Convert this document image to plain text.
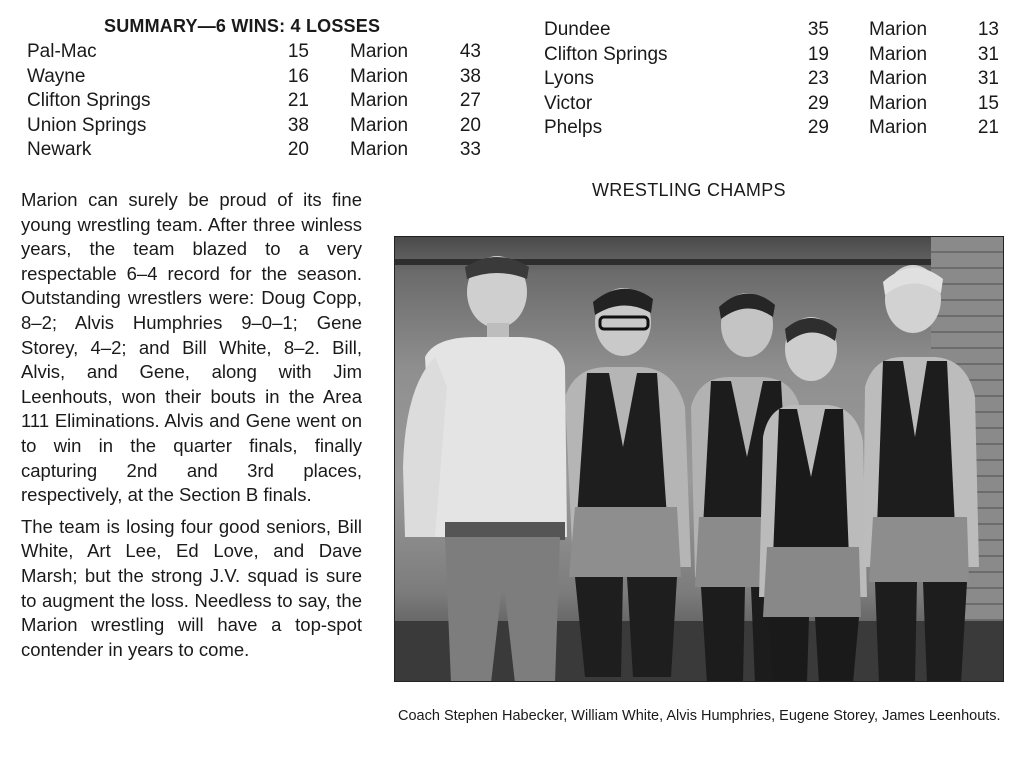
SUMMARY—6 WINS: 4 LOSSES
Pal-Mac	15 Marion	43
Wayne	16 Marion	38
Clifton Springs	21 Marion	27
Union Springs	38 Marion	20
Newark	20 Marion	33
Dundee	35 Marion	13
Clifton Springs	19 Marion	31
Lyons	23 Marion	31
Victor	29 Marion	15
Phelps	29 Marion	21

Marion can surely be proud of its fine young wrestling team. After three winless years, the team blazed to a very respectable 6–4 record for the season. Outstanding wrestlers were: Doug Copp, 8–2; Alvis Humphries 9–0–1; Gene Storey, 4–2; and Bill White, 8–2. Bill, Alvis, and Gene, along with Jim Leenhouts, won their bouts in the Area 111 Eliminations. Alvis and Gene went on to win in the quarter finals, finally capturing 2nd and 3rd places, respectively, at the Section B finals.

The team is losing four good seniors, Bill White, Art Lee, Ed Love, and Dave Marsh; but the strong J.V. squad is sure to augment the loss. Needless to say, the Marion wrestling will have a top-spot contender in years to come.

WRESTLING CHAMPS
Coach Stephen Habecker, William White, Alvis Humphries, Eugene Storey, James Leenhouts.
